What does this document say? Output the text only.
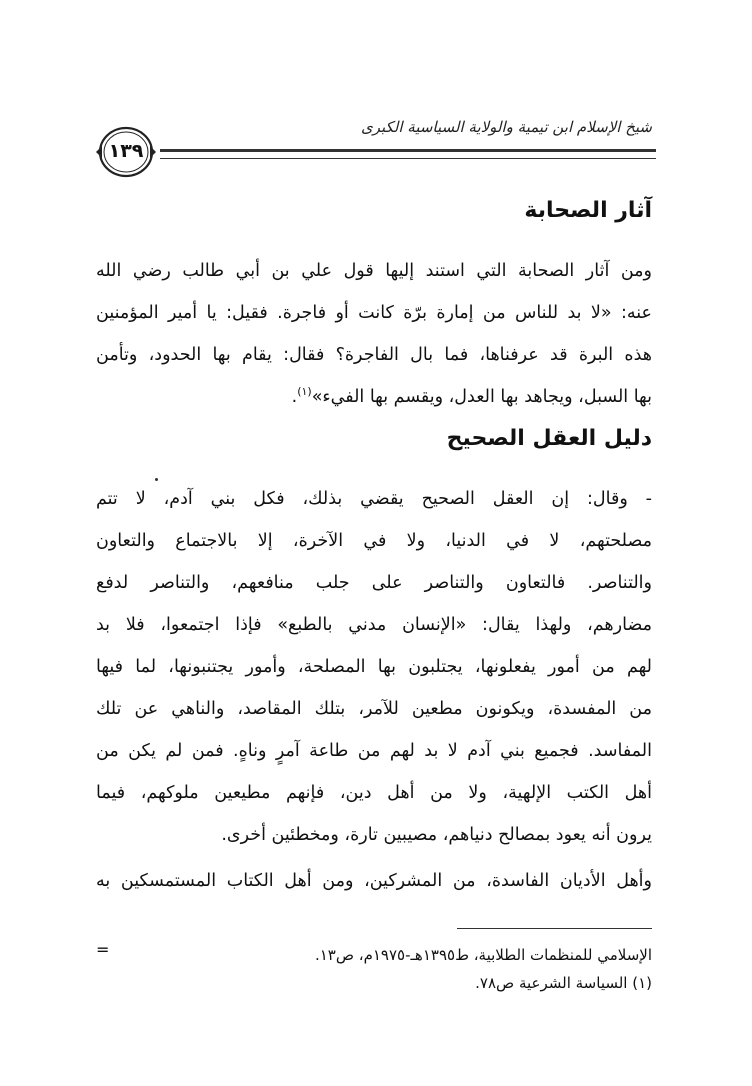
شيخ الإسلام ابن تيمية والولاية السياسية الكبرى
١٣٩
آثار الصحابة
ومن آثار الصحابة التي استند إليها قول علي بن أبي طالب رضي الله
عنه: «لا بد للناس من إمارة برّة كانت أو فاجرة. فقيل: يا أمير المؤمنين
هذه البرة قد عرفناها، فما بال الفاجرة؟ فقال: يقام بها الحدود، وتأمن
بها السبل، ويجاهد بها العدل، ويقسم بها الفيء»$^{(١)}$.
دليل العقل الصحيح
- وقال: إن العقل الصحيح يقضي بذلك، فكل بني آدم، لا تتم
مصلحتهم، لا في الدنيا، ولا في الآخرة، إلا بالاجتماع والتعاون
والتناصر. فالتعاون والتناصر على جلب منافعهم، والتناصر لدفع
مضارهم، ولهذا يقال: «الإنسان مدني بالطبع» فإذا اجتمعوا، فلا بد
لهم من أمور يفعلونها، يجتلبون بها المصلحة، وأمور يجتنبونها، لما فيها
من المفسدة، ويكونون مطعين للآمر، بتلك المقاصد، والناهي عن تلك
المفاسد. فجميع بني آدم لا بد لهم من طاعة آمرٍ وناهٍ. فمن لم يكن من
أهل الكتب الإلهية، ولا من أهل دين، فإنهم مطيعين ملوكهم، فيما
يرون أنه يعود بمصالح دنياهم، مصيبين تارة، ومخطئين أخرى.
وأهل الأديان الفاسدة، من المشركين، ومن أهل الكتاب المستمسكين به
=	الإسلامي للمنظمات الطلابية، ط١٣٩٥هـ-١٩٧٥م، ص١٣.
(١) السياسة الشرعية ص٧٨.
